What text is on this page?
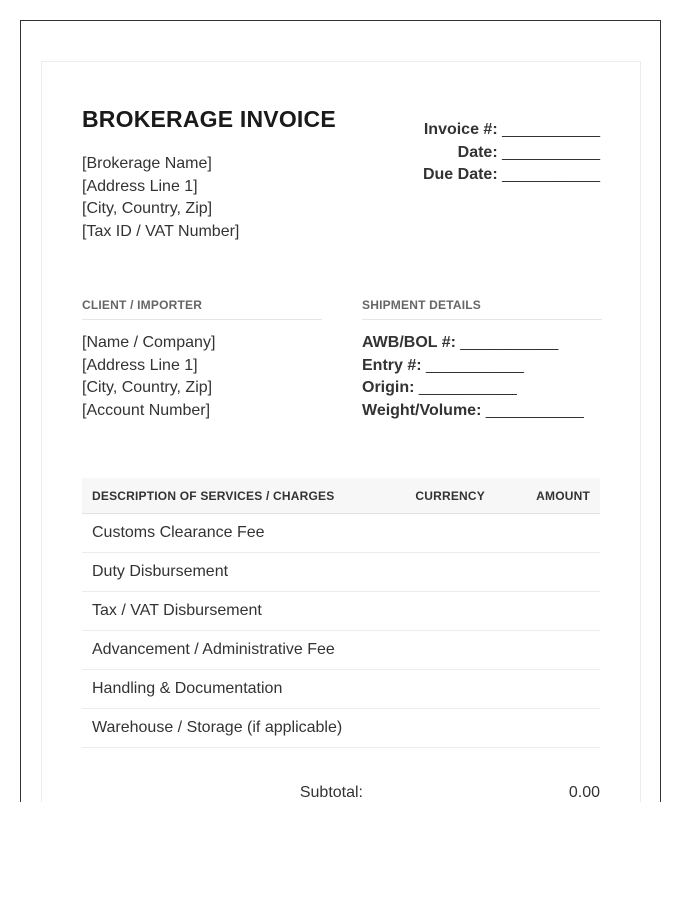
BROKERAGE INVOICE
[Brokerage Name]
[Address Line 1]
[City, Country, Zip]
[Tax ID / VAT Number]
Invoice #: ___________
Date: ___________
Due Date: ___________
CLIENT / IMPORTER	SHIPMENT DETAILS
[Name / Company]
[Address Line 1]
[City, Country, Zip]
[Account Number]
AWB/BOL #: ___________
Entry #: ___________
Origin: ___________
Weight/Volume: ___________
DESCRIPTION OF SERVICES / CHARGES	CURRENCY	AMOUNT
Customs Clearance Fee
Duty Disbursement
Tax / VAT Disbursement
Advancement / Administrative Fee
Handling & Documentation
Warehouse / Storage (if applicable)
Subtotal:	0.00
